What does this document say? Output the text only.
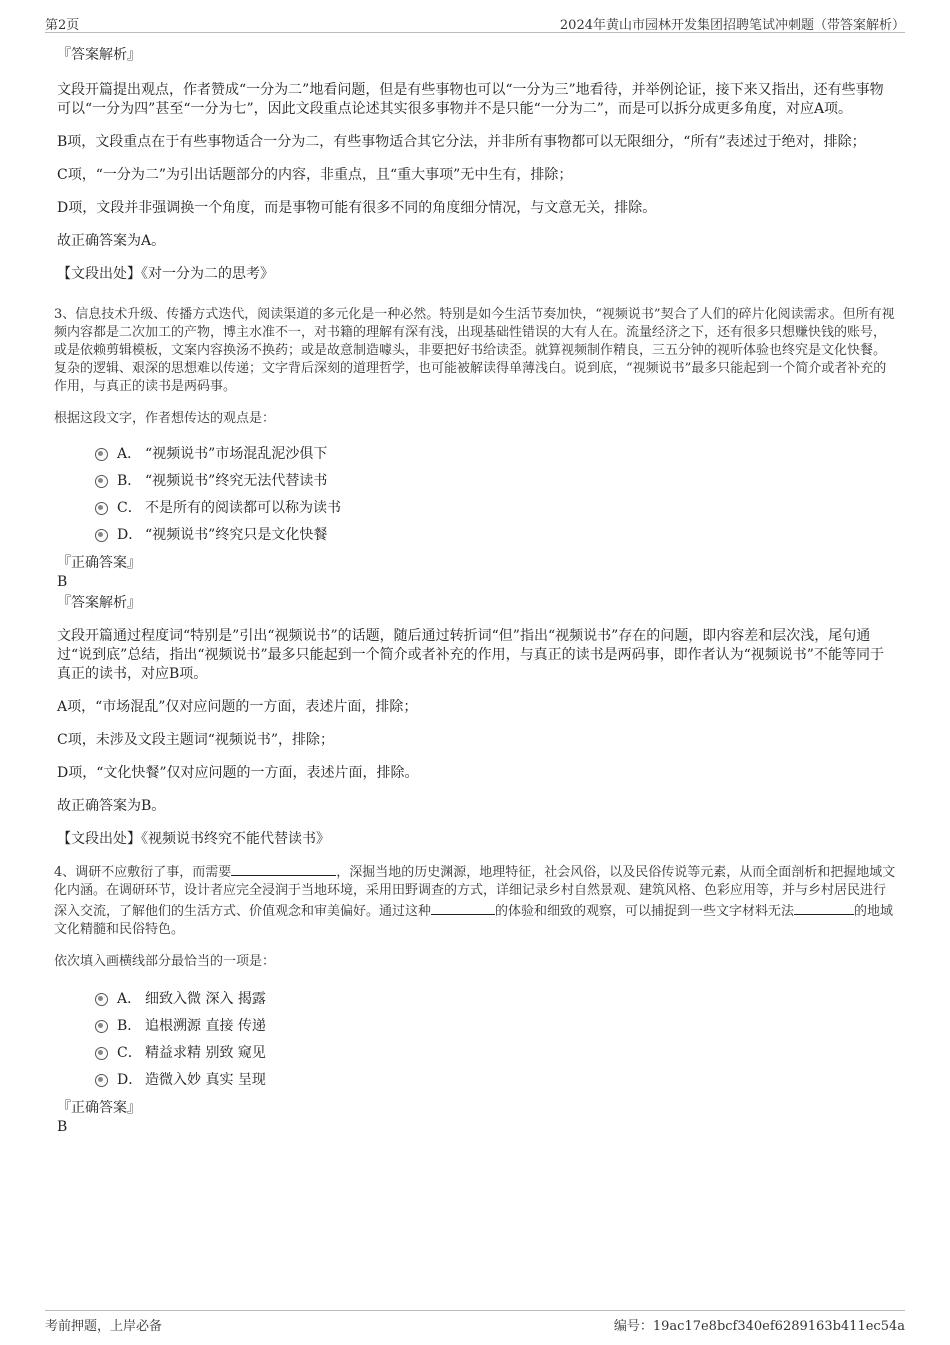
第2页	2024年黄山市园林开发集团招聘笔试冲刺题（带答案解析）

『答案解析』

文段开篇提出观点，作者赞成“一分为二”地看问题，但是有些事物也可以“一分为三”地看待，并举例论证，接下来又指出，还有些事物可以“一分为四”甚至“一分为七”，因此文段重点论述其实很多事物并不是只能“一分为二”，而是可以拆分成更多角度，对应A项。

B项，文段重点在于有些事物适合一分为二，有些事物适合其它分法，并非所有事物都可以无限细分，“所有”表述过于绝对，排除；

C项，“一分为二”为引出话题部分的内容，非重点，且“重大事项”无中生有，排除；

D项，文段并非强调换一个角度，而是事物可能有很多不同的角度细分情况，与文意无关，排除。

故正确答案为A。

【文段出处】《对一分为二的思考》

3、信息技术升级、传播方式迭代，阅读渠道的多元化是一种必然。特别是如今生活节奏加快，“视频说书”契合了人们的碎片化阅读需求。但所有视频内容都是二次加工的产物，博主水准不一，对书籍的理解有深有浅，出现基础性错误的大有人在。流量经济之下，还有很多只想赚快钱的账号，或是依赖剪辑模板，文案内容换汤不换药；或是故意制造噱头，非要把好书给读歪。就算视频制作精良，三五分钟的视听体验也终究是文化快餐。复杂的逻辑、艰深的思想难以传递；文字背后深刻的道理哲学，也可能被解读得单薄浅白。说到底，“视频说书”最多只能起到一个简介或者补充的作用，与真正的读书是两码事。

根据这段文字，作者想传达的观点是：

A． “视频说书”市场混乱泥沙俱下
B． “视频说书”终究无法代替读书
C． 不是所有的阅读都可以称为读书
D． “视频说书”终究只是文化快餐

『正确答案』

B

『答案解析』

文段开篇通过程度词“特别是”引出“视频说书”的话题，随后通过转折词“但”指出“视频说书”存在的问题，即内容差和层次浅，尾句通过“说到底”总结，指出“视频说书”最多只能起到一个简介或者补充的作用，与真正的读书是两码事，即作者认为“视频说书”不能等同于真正的读书，对应B项。

A项，“市场混乱”仅对应问题的一方面，表述片面，排除；

C项，未涉及文段主题词“视频说书”，排除；

D项，“文化快餐”仅对应问题的一方面，表述片面，排除。

故正确答案为B。

【文段出处】《视频说书终究不能代替读书》

4、调研不应敷衍了事，而需要	，深掘当地的历史渊源，地理特征，社会风俗，以及民俗传说等元素，从而全面剖析和把握地域文化内涵。在调研环节，设计者应完全浸润于当地环境，采用田野调查的方式，详细记录乡村自然景观、建筑风格、色彩应用等，并与乡村居民进行深入交流，了解他们的生活方式、价值观念和审美偏好。通过这种	的体验和细致的观察，可以捕捉到一些文字材料无法	的地域文化精髓和民俗特色。

依次填入画横线部分最恰当的一项是：

A． 细致入微 深入 揭露
B． 追根溯源 直接 传递
C． 精益求精 别致 窥见
D． 造微入妙 真实 呈现

『正确答案』

B

考前押题，上岸必备	编号：19ac17e8bcf340ef6289163b411ec54a
